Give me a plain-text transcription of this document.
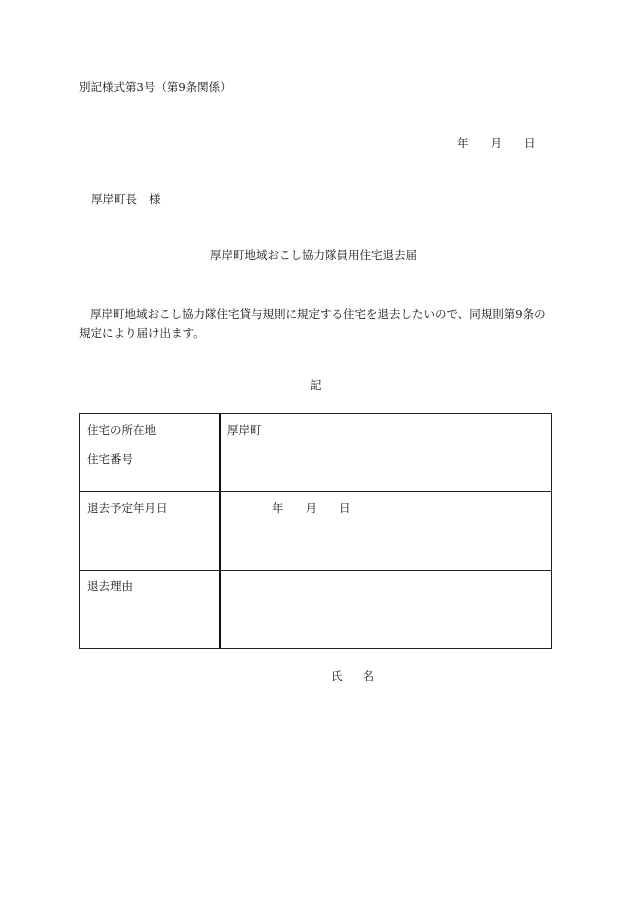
別記様式第3号（第9条関係）
年 月 日
厚岸町長 様
厚岸町地域おこし協力隊員用住宅退去届
厚岸町地域おこし協力隊住宅貸与規則に規定する住宅を退去したいので、同規則第9条の規定により届け出ます。
記
住宅の所在地
住宅番号
厚岸町
退去予定年月日	年 月 日
退去理由
氏 名
